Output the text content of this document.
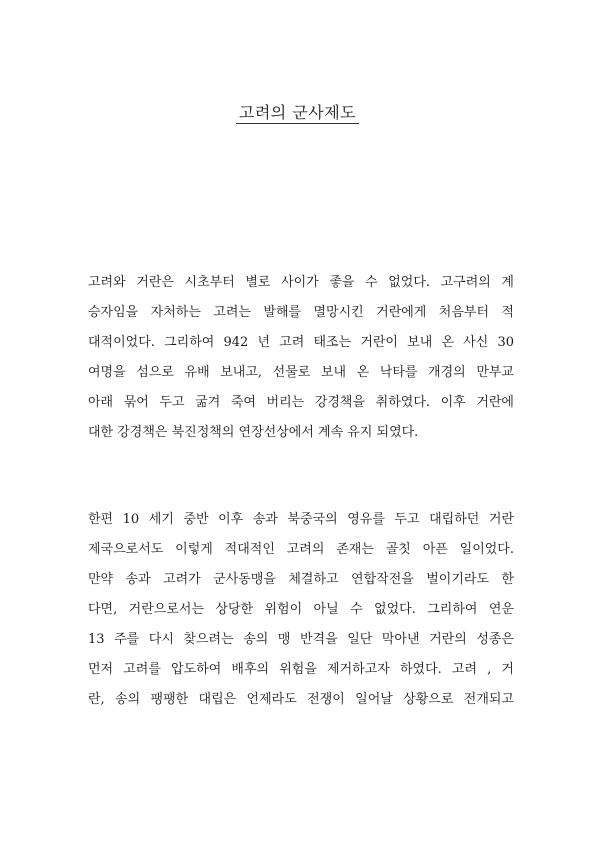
고려의 군사제도

고려와 거란은 시초부터 별로 사이가 좋을 수 없었다. 고구려의 계
승자임을 자처하는 고려는 발해를 멸망시킨 거란에게 처음부터 적
대적이었다. 그리하여 942 년 고려 태조는 거란이 보내 온 사신 30
여명을 섬으로 유배 보내고, 선물로 보내 온 낙타를 개경의 만부교
아래 묶어 두고 굶겨 죽여 버리는 강경책을 취하였다. 이후 거란에
대한 강경책은 북진정책의 연장선상에서 계속 유지 되였다.

한편 10 세기 중반 이후 송과 북중국의 영유를 두고 대립하던 거란
제국으로서도 이렇게 적대적인 고려의 존재는 골칫 아픈 일이었다.
만약 송과 고려가 군사동맹을 체결하고 연합작전을 벌이기라도 한
다면, 거란으로서는 상당한 위험이 아닐 수 없었다. 그리하여 연운
13 주를 다시 찾으려는 송의 맹 반격을 일단 막아낸 거란의 성종은
먼저 고려를 압도하여 배후의 위험을 제거하고자 하였다. 고려 , 거
란, 송의 팽팽한 대립은 언제라도 전쟁이 일어날 상황으로 전개되고
